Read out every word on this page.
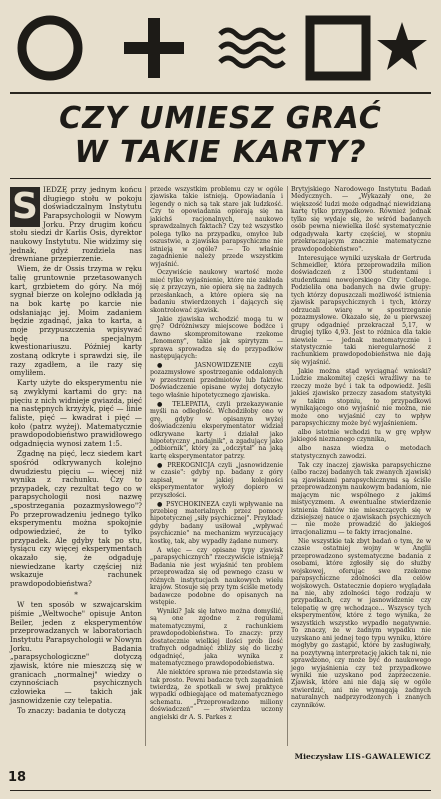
CZY UMIESZ GRAĆ
W TAKIE KARTY?

S IEDZĘ przy jednym końcu długiego stołu w pokoju doświadczalnym Instytutu Parapsychologii w Nowym Jorku. Przy drugim końcu stołu siedzi dr Karlis Osis, dyrektor naukowy Instytutu. Nie widzimy się jednak, gdyż rozdziela nas drewniane przepierzenie.

Wiem, że dr Ossis trzyma w ręku talię gruntownie przetasowanych kart, grzbietem do góry. Na mój sygnał bierze on kolejno odkłada ją na bok kartę po karcie nie odsłaniając jej. Moim zadaniem będzie zgadnąć, jaka to karta, a moje przypuszczenia wpisywać będę na specjalnym kwestionariuszu. Później karty zostaną odkryte i sprawdzi się, ile razy zgadłem, a ile razy się omyliłem.

Karty użyte do eksperymentu nie są zwykłymi kartami do gry: na pięciu z nich widnieje gwiazda, pięć na następnych krzyżyk, pięć — linie faliste, pięć — kwadrat i pięć — koło (patrz wyżej). Matematycznie prawdopodobieństwo prawidłowego odgadnięcia wynosi zatem 1:5.

Zgadnę na pięć, lecz siedem kart spośród odkrywanych kolejno dwudziestu pięciu — więcej niż wynika z rachunku. Czy to przypadek, czy rezultat tego co w parapsychologii nosi nazwę „spostrzegania pozazmysłowego"? Po przeprowadzeniu jednego tylko eksperymentu można spokojnie odpowiedzieć, że to tylko przypadek. Ale gdyby tak po stu, tysiącu czy więcej eksperymentach okazało się, że odgaduję niewiedzane karty częściej niż wskazuje rachunek prawdopodobieństwa?

*

W ten sposób w szwajcarskim piśmie „Weltwoche" opisuje Anton Beiler, jeden z eksperymentów przeprowadzanych w laboratoriach Instytutu Parapsychologii w Nowym Jorku. Badania „parapsychologiczne" dotyczą zjawisk, które nie mieszczą się w granicach „normalnej" wiedzy o czynnościach psychicznych człowieka — takich jak jasnowidzenie czy telepatia.

To znaczy: badania te dotyczą

przede wszystkim problemu czy w ogóle zjawiska takie istnieją. Opowiadania i legendy o nich są tak stare jak ludzkość. Czy te opowiadania opierają się na jakichś racjonalnych, naukowo sprawdzalnych faktach? Czy też wszystko polega tylko na przypadku, omyłce lub oszustwie, a zjawiska parapsychiczne nie istnieją w ogóle? — To właśnie zagadnienie należy przede wszystkim wyjaśnić.

Oczywiście naukowy wartość może mieć tylko wyjaśnienie, które nie zakłada się z przyczyn, nie opiera się na żadnych przesłankach, a które opiera się na badaniu stwierdzonych i dających się skontrolować zjawisk.

Jakie zjawiska wchodzić mogą tu w grę? Odróżniwszy miejscowe bodźce i dawno skompromitowane rzekome „fenomeny", takie jak spirytyzm — sprawa sprowadza się do przypadków następujących:

● JASNOWIDZENIE czyli pozazmysłowe spostrzeganie oddalonych w przestrzeni przedmiotów lub faktów. Doświadczenie opisane wyżej dotyczyło tego właśnie hipotetycznego zjawiska.

● TELEPATIA, czyli przekazywanie myśli na odległość. Wchodziłoby ono w grę, gdyby w opisanym wyżej doświadczeniu eksperymentator widział odkrywane karty i działał jako hipotetyczny „nadajnik", a zgadujący jako „odbiornik", który za „odczytał" na jaką kartę eksperymentator patrzy.

● PREKOGNICJA czyli „jasnowidzenie w czasie": gdyby np. badany z góry zapisał, w jakiej kolejności eksperymentator wyłoży dopiero w przyszłości.

● PSYCHOKINEZA czyli wpływanie na przebieg materialnych przez pomocy hipotetycznej „siły psychicznej". Przykład: gdyby badany usiłował „wpływać psychicznie" na mechanizm wyrzucający kostkę, tak, aby wypadły żądane numery.

A więc — czy opisane typy zjawisk „parapsychicznych" rzeczywiście istnieją? Badania nie jest wyjaśnić ten problem przeprowadza się od pewnego czasu w różnych instytucjach naukowych wielu krajów. Stosuje się przy tym ściśle metody badawcze podobne do opisanych na wstępie.

Wyniki? Jak się łatwo można domyślić, są one zgodne z regułami matematycznymi, z rachunkiem prawdopodobieństwa. To znaczy: przy dostatecznie wielkiej ilości prób ilość trafnych odgadnięć zbliży się do liczby odgadnięć, jaka wynika z matematycznego prawdopodobieństwa.

Ale niektóre sprawa nie przedstawia się tak prosto. Pewni badacze tych zagadnień twierdzą, że spotkali w swej praktyce wypadki odbiegające od matematycznego schematu. „Przeprowadzono miliony doświadczeń" — stwierdza uczony angielski dr A. S. Parkes z

Brytyjskiego Narodowego Instytutu Badań Medycznych. — „Wykazały one, że większość ludzi może odgadnąć niewidzianą kartę tylko przypadkowo. Również jednak tylko się wydaje się, że wśród badanych osób pewna niewielka ilość systematycznie odgadywała karty częściej, w stopniu przekraczającym znacznie matematyczne prawdopodobieństwo".

Interesujące wyniki uzyskała dr Gertruda Schmeidler, która przeprowadziła milion doświadczeń z 1300 studentami i studentkami nowojorskiego City College. Podzieliła ona badanych na dwie grupy: tych którzy dopuszczali możliwość istnienia zjawisk parapsychicznych i tych, którzy odrzucali wiarę w spostrzeganie pozazmysłowe. Okazało się, że u pierwszej grupy odgadnięć przekraczał 5,17, w drugiej tylko 4,93. Jest to różnica dla takie niewiele — jednak matematycznie i statystycznie taki nieregularność z rachunkiem prawdopodobieństwa nie dają się wyjaśnić.

Jakie można stąd wyciągnąć wnioski? Ludzie znakomitej części wrażliwy na te rzeczy może być i tak ta odpowiedź. Jeśli jakieś zjawisko przeczy zasadom statystyki w takim stopniu, to przypadkowi wynikającego ono wyjaśnić nie można, nie może ono wyjaśnić czy to wpływ parapsychiczny może być wyjaśnieniem.

albo istotnie wchodzi tu w grę wpływ jakiegoś nieznanego czynnika,

albo nasza wiedza o metodach statystycznych zawodzi.

Tak czy inaczej zjawiska parapsychiczne (albo raczej badanych tak zwanych zjawisk) są zjawiskami parapsychicznymi są ściśle przeprowadzonym naukowym badaniom, nie mającym nic wspólnego z jakimś mistycyzmem. A ewentualne stwierdzenie istnienia faktów nie mieszczących się w dzisiejszej nauce o zjawiskach psychicznych — nie może prowadzić do jakiegoś irracjonalizmu — te fakty irracjonalne.

Nie wszystkie tak zbyt badań o tym, że w czasie ostatniej wojny w Anglii przeprowadzono systematyczne badania z osobami, które zgłosiły się do służby wojskowej, oferując swe rzekome parapsychiczne zdolności dla celów wojskowych. Ostatecznie dopiero wyglądała na nie, aby zdolności tego rodzaju w przypadkach, czy w jasnowidzenie czy telepatię w grę wchodzące... Wszyscy tych eksperymentów, które z tego wynika, że wszystkich wszystko wypadło negatywnie. To znaczy, że w żadnym wypadku nie uzyskano ani jednej tego typu wyniku, które mogłyby go zastąpić, które by zasługiwały, na pozytywną interpretację jakich tak ni, nie sprawdzono, czy może być do naukowego jego wyjaśnienia czy też przypadkowe wyniki nie uzyskano pod zaprzeczenie. Zjawisk, które ani nie dają się w ogóle stwierdzić, ani nie wymagają żadnych naturalnych nadprzyrodzonych i znanych czynników.

Mieczysław LIS-GAWALEWICZ
18
